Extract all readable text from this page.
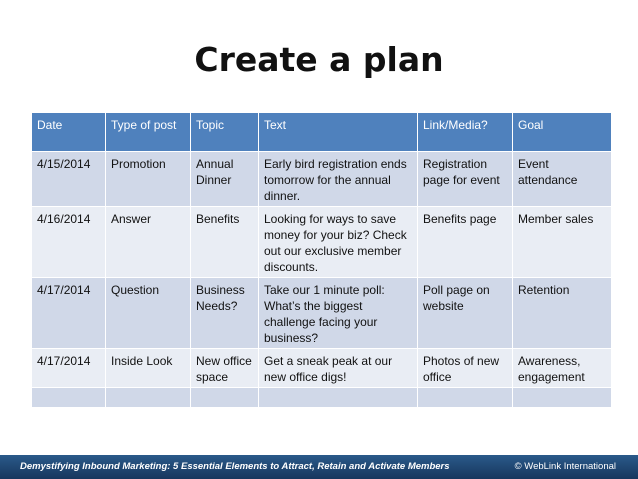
Create a plan
Date	Type of post	Topic	Text	Link/Media?	Goal
4/15/2014	Promotion	Annual Dinner	Early bird registration ends tomorrow for the annual dinner.	Registration page for event	Event attendance
4/16/2014	Answer	Benefits	Looking for ways to save money for your biz? Check out our exclusive member discounts.	Benefits page	Member sales
4/17/2014	Question	Business Needs?	Take our 1 minute poll: What’s the biggest challenge facing your business?	Poll page on website	Retention
4/17/2014	Inside Look	New office space	Get a sneak peak at our new office digs!	Photos of new office	Awareness, engagement

Demystifying Inbound Marketing: 5 Essential Elements to Attract, Retain and Activate Members	© WebLink International
